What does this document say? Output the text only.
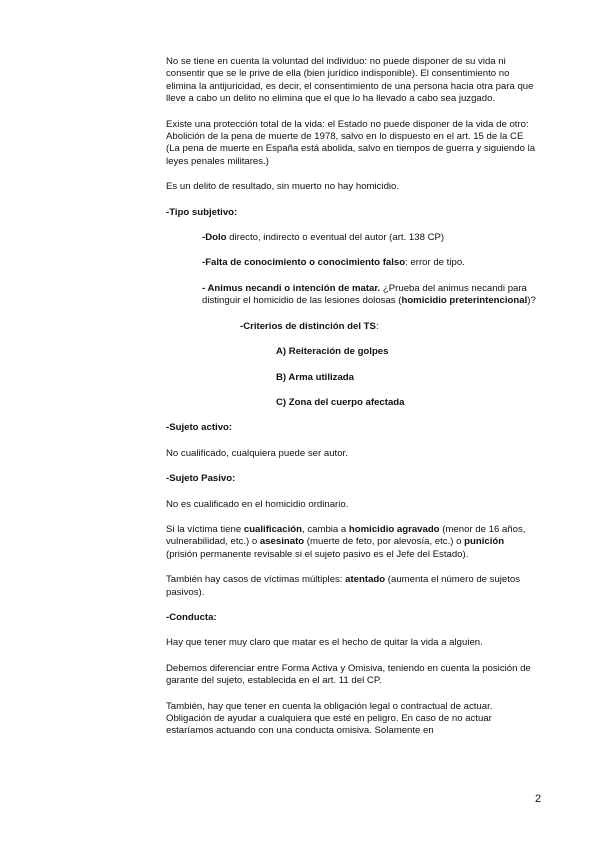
No se tiene en cuenta la voluntad del individuo: no puede disponer de su vida ni consentir que se le prive de ella (bien jurídico indisponible). El consentimiento no elimina la antijuricidad, es decir, el consentimiento de una persona hacia otra para que lleve a cabo un delito no elimina que el que lo ha llevado a cabo sea juzgado.

Existe una protección total de la vida: el Estado no puede disponer de la vida de otro: Abolición de la pena de muerte de 1978, salvo en lo dispuesto en el art. 15 de la CE (La pena de muerte en España está abolida, salvo en tiempos de guerra y siguiendo la leyes penales militares.)

Es un delito de resultado, sin muerto no hay homicidio.

-Tipo subjetivo:

-Dolo directo, indirecto o eventual del autor (art. 138 CP)

-Falta de conocimiento o conocimiento falso: error de tipo.

- Animus necandi o intención de matar. ¿Prueba del animus necandi para distinguir el homicidio de las lesiones dolosas (homicidio preterintencional)?

-Criterios de distinción del TS:

A) Reiteración de golpes

B) Arma utilizada

C) Zona del cuerpo afectada

-Sujeto activo:

No cualificado, cualquiera puede ser autor.

-Sujeto Pasivo:

No es cualificado en el homicidio ordinario.

Si la víctima tiene cualificación, cambia a homicidio agravado (menor de 16 años, vulnerabilidad, etc.) o asesinato (muerte de feto, por alevosía, etc.) o punición (prisión permanente revisable si el sujeto pasivo es el Jefe del Estado).

También hay casos de víctimas múltiples: atentado (aumenta el número de sujetos pasivos).

-Conducta:

Hay que tener muy claro que matar es el hecho de quitar la vida a alguien.

Debemos diferenciar entre Forma Activa y Omisiva, teniendo en cuenta la posición de garante del sujeto, establecida en el art. 11 del CP.

También, hay que tener en cuenta la obligación legal o contractual de actuar. Obligación de ayudar a cualquiera que esté en peligro. En caso de no actuar estaríamos actuando con una conducta omisiva. Solamente en

2
